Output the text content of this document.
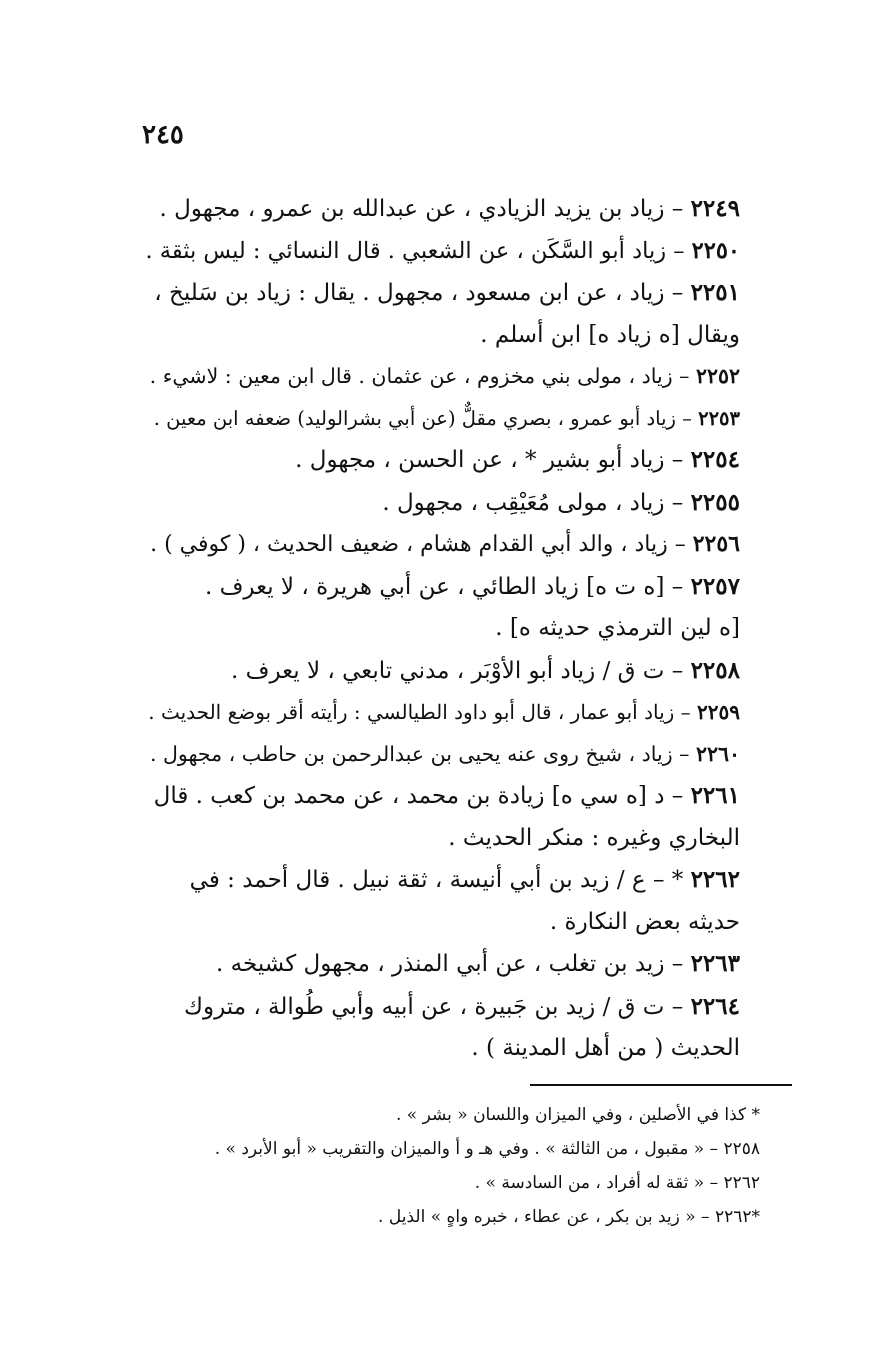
٢٤٥
٢٢٤٩ – زياد بن يزيد الزيادي ، عن عبدالله بن عمرو ، مجهول .
٢٢٥٠ – زياد أبو السَّكَن ، عن الشعبي . قال النسائي : ليس بثقة .
٢٢٥١ – زياد ، عن ابن مسعود ، مجهول . يقال : زياد بن سَليخ ،
ويقال [ه زياد ه] ابن أسلم .
٢٢٥٢ – زياد ، مولى بني مخزوم ، عن عثمان . قال ابن معين : لاشيء .
٢٢٥٣ – زياد أبو عمرو ، بصري مقلٌّ (عن أبي بشرالوليد) ضعفه ابن معين .
٢٢٥٤ – زياد أبو بشير * ، عن الحسن ، مجهول .
٢٢٥٥ – زياد ، مولى مُعَيْقِب ، مجهول .
٢٢٥٦ – زياد ، والد أبي القدام هشام ، ضعيف الحديث ، ( كوفي ) .
٢٢٥٧ – [ه ت ه] زياد الطائي ، عن أبي هريرة ، لا يعرف .
[ه لين الترمذي حديثه ه] .
٢٢٥٨ – ت ق / زياد أبو الأوْبَر ، مدني تابعي ، لا يعرف .
٢٢٥٩ – زياد أبو عمار ، قال أبو داود الطيالسي : رأيته أقر بوضع الحديث .
٢٢٦٠ – زياد ، شيخ روى عنه يحيى بن عبدالرحمن بن حاطب ، مجهول .
٢٢٦١ – د [ه سي ه] زيادة بن محمد ، عن محمد بن كعب . قال
البخاري وغيره : منكر الحديث .
٢٢٦٢ * – ع / زيد بن أبي أنيسة ، ثقة نبيل . قال أحمد : في
حديثه بعض النكارة .
٢٢٦٣ – زيد بن تغلب ، عن أبي المنذر ، مجهول كشيخه .
٢٢٦٤ – ت ق / زيد بن جَبيرة ، عن أبيه وأبي طُوالة ، متروك
الحديث ( من أهل المدينة ) .
* كذا في الأصلين ، وفي الميزان واللسان « بشر » .
٢٢٥٨ – « مقبول ، من الثالثة » . وفي هـ و أ والميزان والتقريب « أبو الأبرد » .
٢٢٦٢ – « ثقة له أفراد ، من السادسة » .
*٢٢٦٢ – « زيد بن بكر ، عن عطاء ، خبره واهٍ » الذيل .
